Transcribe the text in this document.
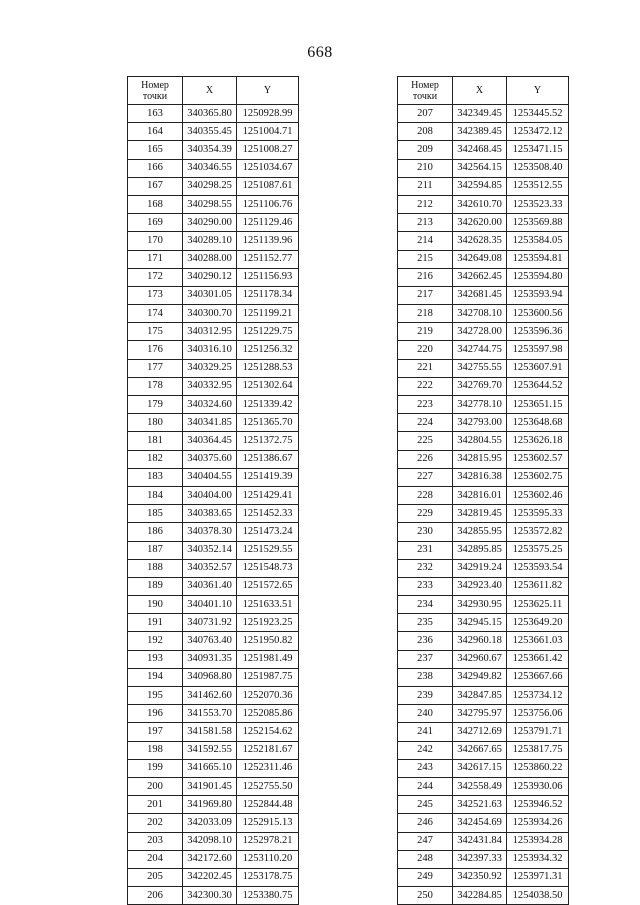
668
Номер
точки	X	Y
163	340365.80	1250928.99
164	340355.45	1251004.71
165	340354.39	1251008.27
166	340346.55	1251034.67
167	340298.25	1251087.61
168	340298.55	1251106.76
169	340290.00	1251129.46
170	340289.10	1251139.96
171	340288.00	1251152.77
172	340290.12	1251156.93
173	340301.05	1251178.34
174	340300.70	1251199.21
175	340312.95	1251229.75
176	340316.10	1251256.32
177	340329.25	1251288.53
178	340332.95	1251302.64
179	340324.60	1251339.42
180	340341.85	1251365.70
181	340364.45	1251372.75
182	340375.60	1251386.67
183	340404.55	1251419.39
184	340404.00	1251429.41
185	340383.65	1251452.33
186	340378.30	1251473.24
187	340352.14	1251529.55
188	340352.57	1251548.73
189	340361.40	1251572.65
190	340401.10	1251633.51
191	340731.92	1251923.25
192	340763.40	1251950.82
193	340931.35	1251981.49
194	340968.80	1251987.75
195	341462.60	1252070.36
196	341553.70	1252085.86
197	341581.58	1252154.62
198	341592.55	1252181.67
199	341665.10	1252311.46
200	341901.45	1252755.50
201	341969.80	1252844.48
202	342033.09	1252915.13
203	342098.10	1252978.21
204	342172.60	1253110.20
205	342202.45	1253178.75
206	342300.30	1253380.75
Номер
точки	X	Y
207	342349.45	1253445.52
208	342389.45	1253472.12
209	342468.45	1253471.15
210	342564.15	1253508.40
211	342594.85	1253512.55
212	342610.70	1253523.33
213	342620.00	1253569.88
214	342628.35	1253584.05
215	342649.08	1253594.81
216	342662.45	1253594.80
217	342681.45	1253593.94
218	342708.10	1253600.56
219	342728.00	1253596.36
220	342744.75	1253597.98
221	342755.55	1253607.91
222	342769.70	1253644.52
223	342778.10	1253651.15
224	342793.00	1253648.68
225	342804.55	1253626.18
226	342815.95	1253602.57
227	342816.38	1253602.75
228	342816.01	1253602.46
229	342819.45	1253595.33
230	342855.95	1253572.82
231	342895.85	1253575.25
232	342919.24	1253593.54
233	342923.40	1253611.82
234	342930.95	1253625.11
235	342945.15	1253649.20
236	342960.18	1253661.03
237	342960.67	1253661.42
238	342949.82	1253667.66
239	342847.85	1253734.12
240	342795.97	1253756.06
241	342712.69	1253791.71
242	342667.65	1253817.75
243	342617.15	1253860.22
244	342558.49	1253930.06
245	342521.63	1253946.52
246	342454.69	1253934.26
247	342431.84	1253934.28
248	342397.33	1253934.32
249	342350.92	1253971.31
250	342284.85	1254038.50
